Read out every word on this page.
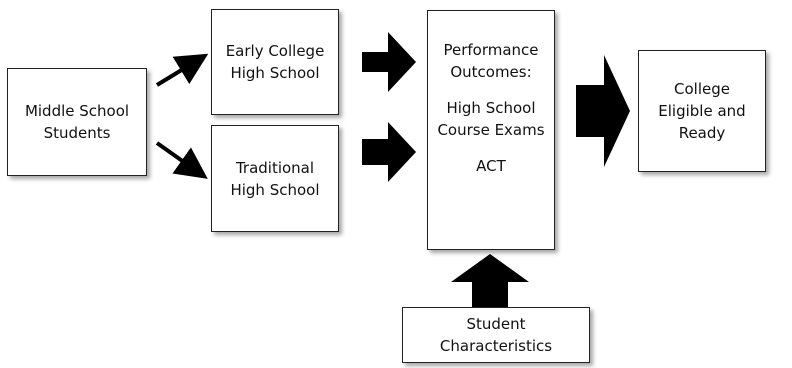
Middle School
Students
Early College
High School
Traditional
High School
Performance
Outcomes:
High School
Course Exams
ACT
College
Eligible and
Ready
Student
Characteristics
